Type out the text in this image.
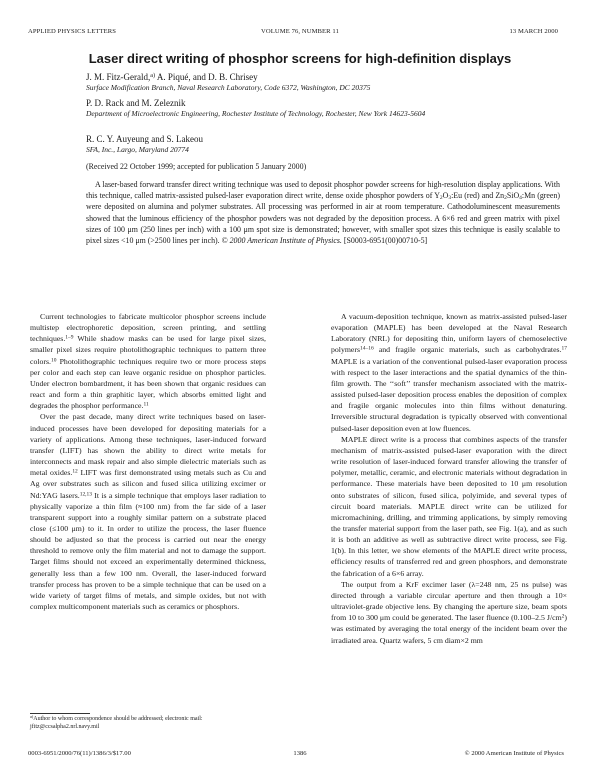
APPLIED PHYSICS LETTERS	VOLUME 76, NUMBER 11	13 MARCH 2000
Laser direct writing of phosphor screens for high-definition displays
J. M. Fitz-Gerald,$^{a)}$ A. Piqué, and D. B. Chrisey
Surface Modification Branch, Naval Research Laboratory, Code 6372, Washington, DC 20375
P. D. Rack and M. Zeleznik
Department of Microelectronic Engineering, Rochester Institute of Technology, Rochester, New York 14623-5604
R. C. Y. Auyeung and S. Lakeou
SFA, Inc., Largo, Maryland 20774
(Received 22 October 1999; accepted for publication 5 January 2000)
A laser-based forward transfer direct writing technique was used to deposit phosphor powder screens for high-resolution display applications. With this technique, called matrix-assisted pulsed-laser evaporation direct write, dense oxide phosphor powders of $Y_2O_3:Eu$ (red) and $Zn_2SiO_4:Mn$ (green) were deposited on alumina and polymer substrates. All processing was performed in air at room temperature. Cathodoluminescent measurements showed that the luminous efficiency of the phosphor powders was not degraded by the deposition process. A 6×6 red and green matrix with pixel sizes of 100 μm (250 lines per inch) with a 100 μm spot size is demonstrated; however, with smaller spot sizes this technique is easily scalable to pixel sizes <10 μm (>2500 lines per inch). © 2000 American Institute of Physics. [S0003-6951(00)00710-5]

Current technologies to fabricate multicolor phosphor screens include multistep electrophoretic deposition, screen printing, and settling techniques.$^{1-9}$ While shadow masks can be used for large pixel sizes, smaller pixel sizes require photolithographic techniques to pattern three colors.$^{10}$ Photolithographic techniques require two or more process steps per color and each step can leave organic residue on phosphor particles. Under electron bombardment, it has been shown that organic residues can react and form a thin graphitic layer, which absorbs emitted light and degrades the phosphor performance.$^{11}$

Over the past decade, many direct write techniques based on laser-induced processes have been developed for depositing materials for a variety of applications. Among these techniques, laser-induced forward transfer (LIFT) has shown the ability to direct write metals for interconnects and mask repair and also simple dielectric materials such as metal oxides.$^{12}$ LIFT was first demonstrated using metals such as Cu and Ag over substrates such as silicon and fused silica utilizing excimer or Nd:YAG lasers.$^{12,13}$ It is a simple technique that employs laser radiation to physically vaporize a thin film (≈100 nm) from the far side of a laser transparent support into a roughly similar pattern on a substrate placed close (≤100 μm) to it. In order to utilize the process, the laser fluence should be adjusted so that the process is carried out near the energy threshold to remove only the film material and not to damage the support. Target films should not exceed an experimentally determined thickness, generally less than a few 100 nm. Overall, the laser-induced forward transfer process has proven to be a simple technique that can be used on a wide variety of target films of metals, and simple oxides, but not with complex multicomponent materials such as ceramics or phosphors.

A vacuum-deposition technique, known as matrix-assisted pulsed-laser evaporation (MAPLE) has been developed at the Naval Research Laboratory (NRL) for depositing thin, uniform layers of chemoselective polymers$^{14-16}$ and fragile organic materials, such as carbohydrates.$^{17}$ MAPLE is a variation of the conventional pulsed-laser evaporation process with respect to the laser interactions and the spatial dynamics of the thin-film growth. The ‘‘soft’’ transfer mechanism associated with the matrix-assisted pulsed-laser deposition process enables the deposition of complex and fragile organic molecules into thin films without denaturing. Irreversible structural degradation is typically observed with conventional pulsed-laser deposition even at low fluences.

MAPLE direct write is a process that combines aspects of the transfer mechanism of matrix-assisted pulsed-laser evaporation with the direct write resolution of laser-induced forward transfer allowing the transfer of polymer, metallic, ceramic, and electronic materials without degradation in performance. These materials have been deposited to 10 μm resolution onto substrates of silicon, fused silica, polyimide, and several types of circuit board materials. MAPLE direct write can be utilized for micromachining, drilling, and trimming applications, by simply removing the transfer material support from the laser path, see Fig. 1(a), and as such it is both an additive as well as subtractive direct write process, see Fig. 1(b). In this letter, we show elements of the MAPLE direct write process, efficiency results of transferred red and green phosphors, and demonstrate the fabrication of a 6×6 array.

The output from a KrF excimer laser (λ=248 nm, 25 ns pulse) was directed through a variable circular aperture and then through a 10× ultraviolet-grade objective lens. By changing the aperture size, beam spots from 10 to 300 μm could be generated. The laser fluence (0.100–2.5 $J/cm^2$) was estimated by averaging the total energy of the incident beam over the irradiated area. Quartz wafers, 5 cm diam×2 mm

$^{a)}$Author to whom correspondence should be addressed; electronic mail: jfitz@ccsalpha2.nrl.navy.mil
0003-6951/2000/76(11)/1386/3/$17.00	1386	© 2000 American Institute of Physics
